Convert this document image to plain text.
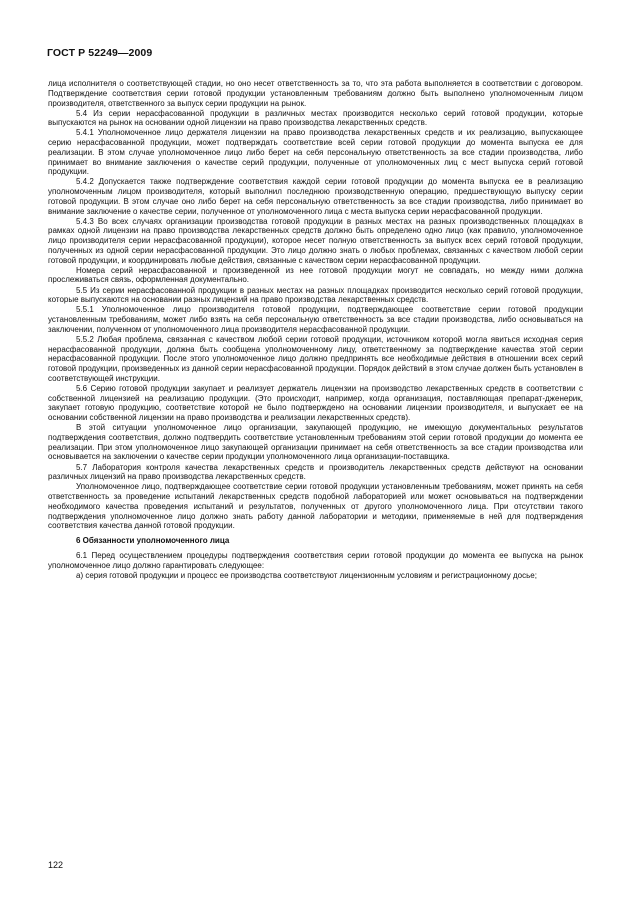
ГОСТ Р 52249—2009

лица исполнителя о соответствующей стадии, но оно несет ответственность за то, что эта работа выполняется в соответствии с договором. Подтверждение соответствия серии готовой продукции установленным требованиям должно быть выполнено уполномоченным лицом производителя, ответственного за выпуск серии продукции на рынок.

5.4 Из серии нерасфасованной продукции в различных местах производится несколько серий готовой продукции, которые выпускаются на рынок на основании одной лицензии на право производства лекарственных средств.

5.4.1 Уполномоченное лицо держателя лицензии на право производства лекарственных средств и их реализацию, выпускающее серию нерасфасованной продукции, может подтверждать соответствие всей серии готовой продукции до момента выпуска ее для реализации. В этом случае уполномоченное лицо либо берет на себя персональную ответственность за все стадии производства, либо принимает во внимание заключения о качестве серий продукции, полученные от уполномоченных лиц с мест выпуска серий готовой продукции.

5.4.2 Допускается также подтверждение соответствия каждой серии готовой продукции до момента выпуска ее в реализацию уполномоченным лицом производителя, который выполнил последнюю производственную операцию, предшествующую выпуску серии готовой продукции. В этом случае оно либо берет на себя персональную ответственность за все стадии производства, либо принимает во внимание заключение о качестве серии, полученное от уполномоченного лица с места выпуска серии нерасфасованной продукции.

5.4.3 Во всех случаях организации производства готовой продукции в разных местах на разных производственных площадках в рамках одной лицензии на право производства лекарственных средств должно быть определено одно лицо (как правило, уполномоченное лицо производителя серии нерасфасованной продукции), которое несет полную ответственность за выпуск всех серий готовой продукции, полученных из одной серии нерасфасованной продукции. Это лицо должно знать о любых проблемах, связанных с качеством любой серии готовой продукции, и координировать любые действия, связанные с качеством серии нерасфасованной продукции.

Номера серий нерасфасованной и произведенной из нее готовой продукции могут не совпадать, но между ними должна прослеживаться связь, оформленная документально.

5.5 Из серии нерасфасованной продукции в разных местах на разных площадках производится несколько серий готовой продукции, которые выпускаются на основании разных лицензий на право производства лекарственных средств.

5.5.1 Уполномоченное лицо производителя готовой продукции, подтверждающее соответствие серии готовой продукции установленным требованиям, может либо взять на себя персональную ответственность за все стадии производства, либо основываться на заключении, полученном от уполномоченного лица производителя нерасфасованной продукции.

5.5.2 Любая проблема, связанная с качеством любой серии готовой продукции, источником которой могла явиться исходная серия нерасфасованной продукции, должна быть сообщена уполномоченному лицу, ответственному за подтверждение качества этой серии нерасфасованной продукции. После этого уполномоченное лицо должно предпринять все необходимые действия в отношении всех серий готовой продукции, произведенных из данной серии нерасфасованной продукции. Порядок действий в этом случае должен быть установлен в соответствующей инструкции.

5.6 Серию готовой продукции закупает и реализует держатель лицензии на производство лекарственных средств в соответствии с собственной лицензией на реализацию продукции. (Это происходит, например, когда организация, поставляющая препарат-дженерик, закупает готовую продукцию, соответствие которой не было подтверждено на основании лицензии производителя, и выпускает ее на основании собственной лицензии на право производства и реализации лекарственных средств).

В этой ситуации уполномоченное лицо организации, закупающей продукцию, не имеющую документальных результатов подтверждения соответствия, должно подтвердить соответствие установленным требованиям этой серии готовой продукции до момента ее реализации. При этом уполномоченное лицо закупающей организации принимает на себя ответственность за все стадии производства или основывается на заключении о качестве серии продукции уполномоченного лица организации-поставщика.

5.7 Лаборатория контроля качества лекарственных средств и производитель лекарственных средств действуют на основании различных лицензий на право производства лекарственных средств.

Уполномоченное лицо, подтверждающее соответствие серии готовой продукции установленным требованиям, может принять на себя ответственность за проведение испытаний лекарственных средств подобной лабораторией или может основываться на подтверждении необходимого качества проведения испытаний и результатов, полученных от другого уполномоченного лица. При отсутствии такого подтверждения уполномоченное лицо должно знать работу данной лаборатории и методики, применяемые в ней для подтверждения соответствия качества данной готовой продукции.

6 Обязанности уполномоченного лица

6.1 Перед осуществлением процедуры подтверждения соответствия серии готовой продукции до момента ее выпуска на рынок уполномоченное лицо должно гарантировать следующее:

а) серия готовой продукции и процесс ее производства соответствуют лицензионным условиям и регистрационному досье;

122
